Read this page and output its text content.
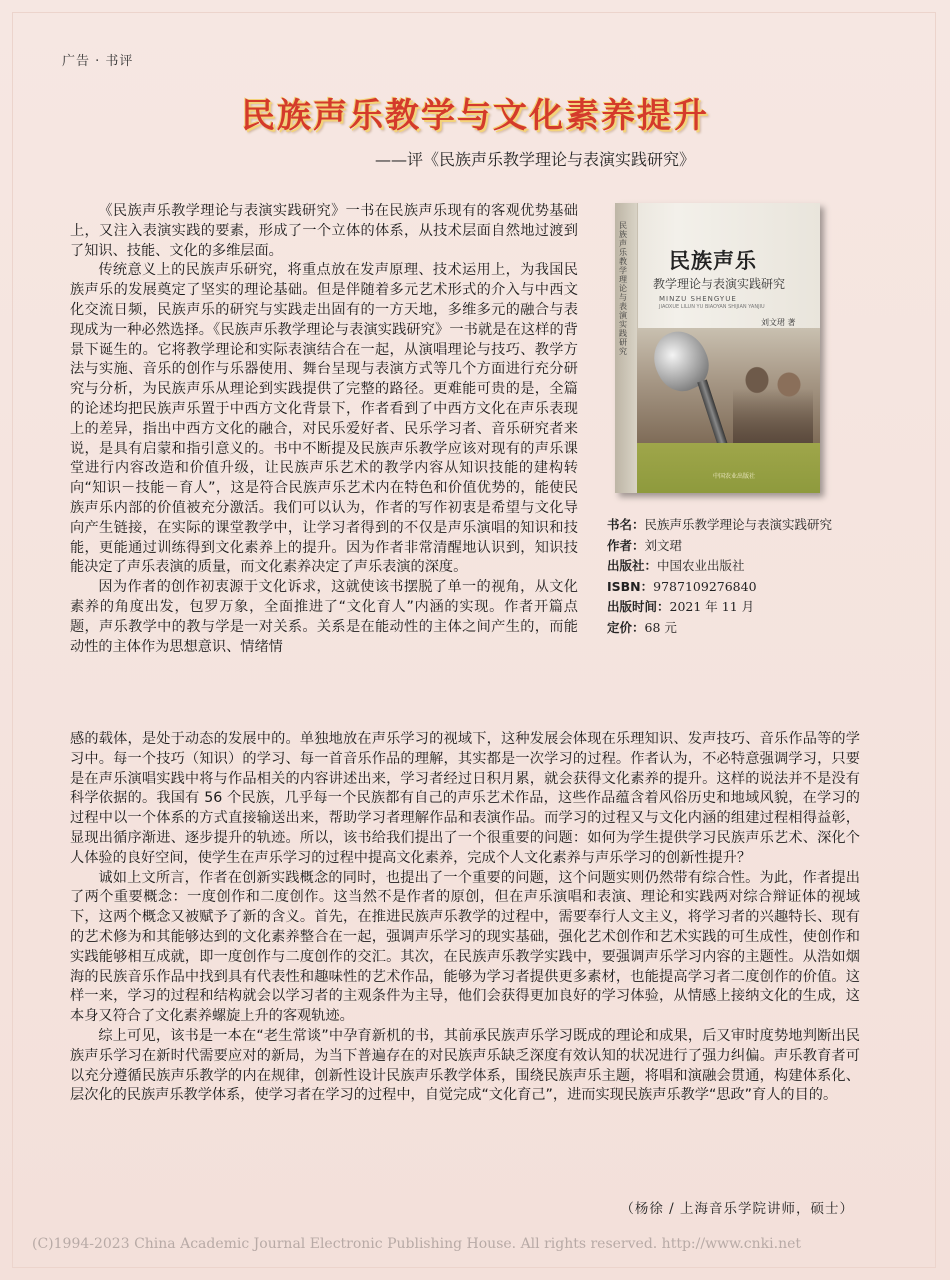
广告 · 书评
民族声乐教学与文化素养提升
——评《民族声乐教学理论与表演实践研究》

《民族声乐教学理论与表演实践研究》一书在民族声乐现有的客观优势基础上，又注入表演实践的要素，形成了一个立体的体系，从技术层面自然地过渡到了知识、技能、文化的多维层面。

传统意义上的民族声乐研究，将重点放在发声原理、技术运用上，为我国民族声乐的发展奠定了坚实的理论基础。但是伴随着多元艺术形式的介入与中西文化交流日频，民族声乐的研究与实践走出固有的一方天地，多维多元的融合与表现成为一种必然选择。《民族声乐教学理论与表演实践研究》一书就是在这样的背景下诞生的。它将教学理论和实际表演结合在一起，从演唱理论与技巧、教学方法与实施、音乐的创作与乐器使用、舞台呈现与表演方式等几个方面进行充分研究与分析，为民族声乐从理论到实践提供了完整的路径。更难能可贵的是，全篇的论述均把民族声乐置于中西方文化背景下，作者看到了中西方文化在声乐表现上的差异，指出中西方文化的融合，对民乐爱好者、民乐学习者、音乐研究者来说，是具有启蒙和指引意义的。书中不断提及民族声乐教学应该对现有的声乐课堂进行内容改造和价值升级，让民族声乐艺术的教学内容从知识技能的建构转向“知识－技能－育人”，这是符合民族声乐艺术内在特色和价值优势的，能使民族声乐内部的价值被充分激活。我们可以认为，作者的写作初衷是希望与文化导向产生链接，在实际的课堂教学中，让学习者得到的不仅是声乐演唱的知识和技能，更能通过训练得到文化素养上的提升。因为作者非常清醒地认识到，知识技能决定了声乐表演的质量，而文化素养决定了声乐表演的深度。

因为作者的创作初衷源于文化诉求，这就使该书摆脱了单一的视角，从文化素养的角度出发，包罗万象，全面推进了“文化育人”内涵的实现。作者开篇点题，声乐教学中的教与学是一对关系。关系是在能动性的主体之间产生的，而能动性的主体作为思想意识、情绪情

感的载体，是处于动态的发展中的。单独地放在声乐学习的视域下，这种发展会体现在乐理知识、发声技巧、音乐作品等的学习中。每一个技巧（知识）的学习、每一首音乐作品的理解，其实都是一次学习的过程。作者认为，不必特意强调学习，只要是在声乐演唱实践中将与作品相关的内容讲述出来，学习者经过日积月累，就会获得文化素养的提升。这样的说法并不是没有科学依据的。我国有 56 个民族，几乎每一个民族都有自己的声乐艺术作品，这些作品蕴含着风俗历史和地域风貌，在学习的过程中以一个体系的方式直接输送出来，帮助学习者理解作品和表演作品。而学习的过程又与文化内涵的组建过程相得益彰，显现出循序渐进、逐步提升的轨迹。所以，该书给我们提出了一个很重要的问题：如何为学生提供学习民族声乐艺术、深化个人体验的良好空间，使学生在声乐学习的过程中提高文化素养，完成个人文化素养与声乐学习的创新性提升？

诚如上文所言，作者在创新实践概念的同时，也提出了一个重要的问题，这个问题实则仍然带有综合性。为此，作者提出了两个重要概念：一度创作和二度创作。这当然不是作者的原创，但在声乐演唱和表演、理论和实践两对综合辩证体的视域下，这两个概念又被赋予了新的含义。首先，在推进民族声乐教学的过程中，需要奉行人文主义，将学习者的兴趣特长、现有的艺术修为和其能够达到的文化素养整合在一起，强调声乐学习的现实基础，强化艺术创作和艺术实践的可生成性，使创作和实践能够相互成就，即一度创作与二度创作的交汇。其次，在民族声乐教学实践中，要强调声乐学习内容的主题性。从浩如烟海的民族音乐作品中找到具有代表性和趣味性的艺术作品，能够为学习者提供更多素材，也能提高学习者二度创作的价值。这样一来，学习的过程和结构就会以学习者的主观条件为主导，他们会获得更加良好的学习体验，从情感上接纳文化的生成，这本身又符合了文化素养螺旋上升的客观轨迹。

综上可见，该书是一本在“老生常谈”中孕育新机的书，其前承民族声乐学习既成的理论和成果，后又审时度势地判断出民族声乐学习在新时代需要应对的新局，为当下普遍存在的对民族声乐缺乏深度有效认知的状况进行了强力纠偏。声乐教育者可以充分遵循民族声乐教学的内在规律，创新性设计民族声乐教学体系，围绕民族声乐主题，将唱和演融会贯通，构建体系化、层次化的民族声乐教学体系，使学习者在学习的过程中，自觉完成“文化育己”，进而实现民族声乐教学“思政”育人的目的。

民族声乐教学理论与表演实践研究
民族声乐
教学理论与表演实践研究
MINZU SHENGYUE
JIAOXUE LILUN YU BIAOYAN SHIJIAN YANJIU
刘文珺 著
中国农业出版社
书名：民族声乐教学理论与表演实践研究
作者：刘文珺
出版社：中国农业出版社
ISBN：9787109276840
出版时间：2021 年 11 月
定价：68 元
（杨徐 / 上海音乐学院讲师，硕士）
(C)1994-2023 China Academic Journal Electronic Publishing House. All rights reserved. http://www.cnki.net
